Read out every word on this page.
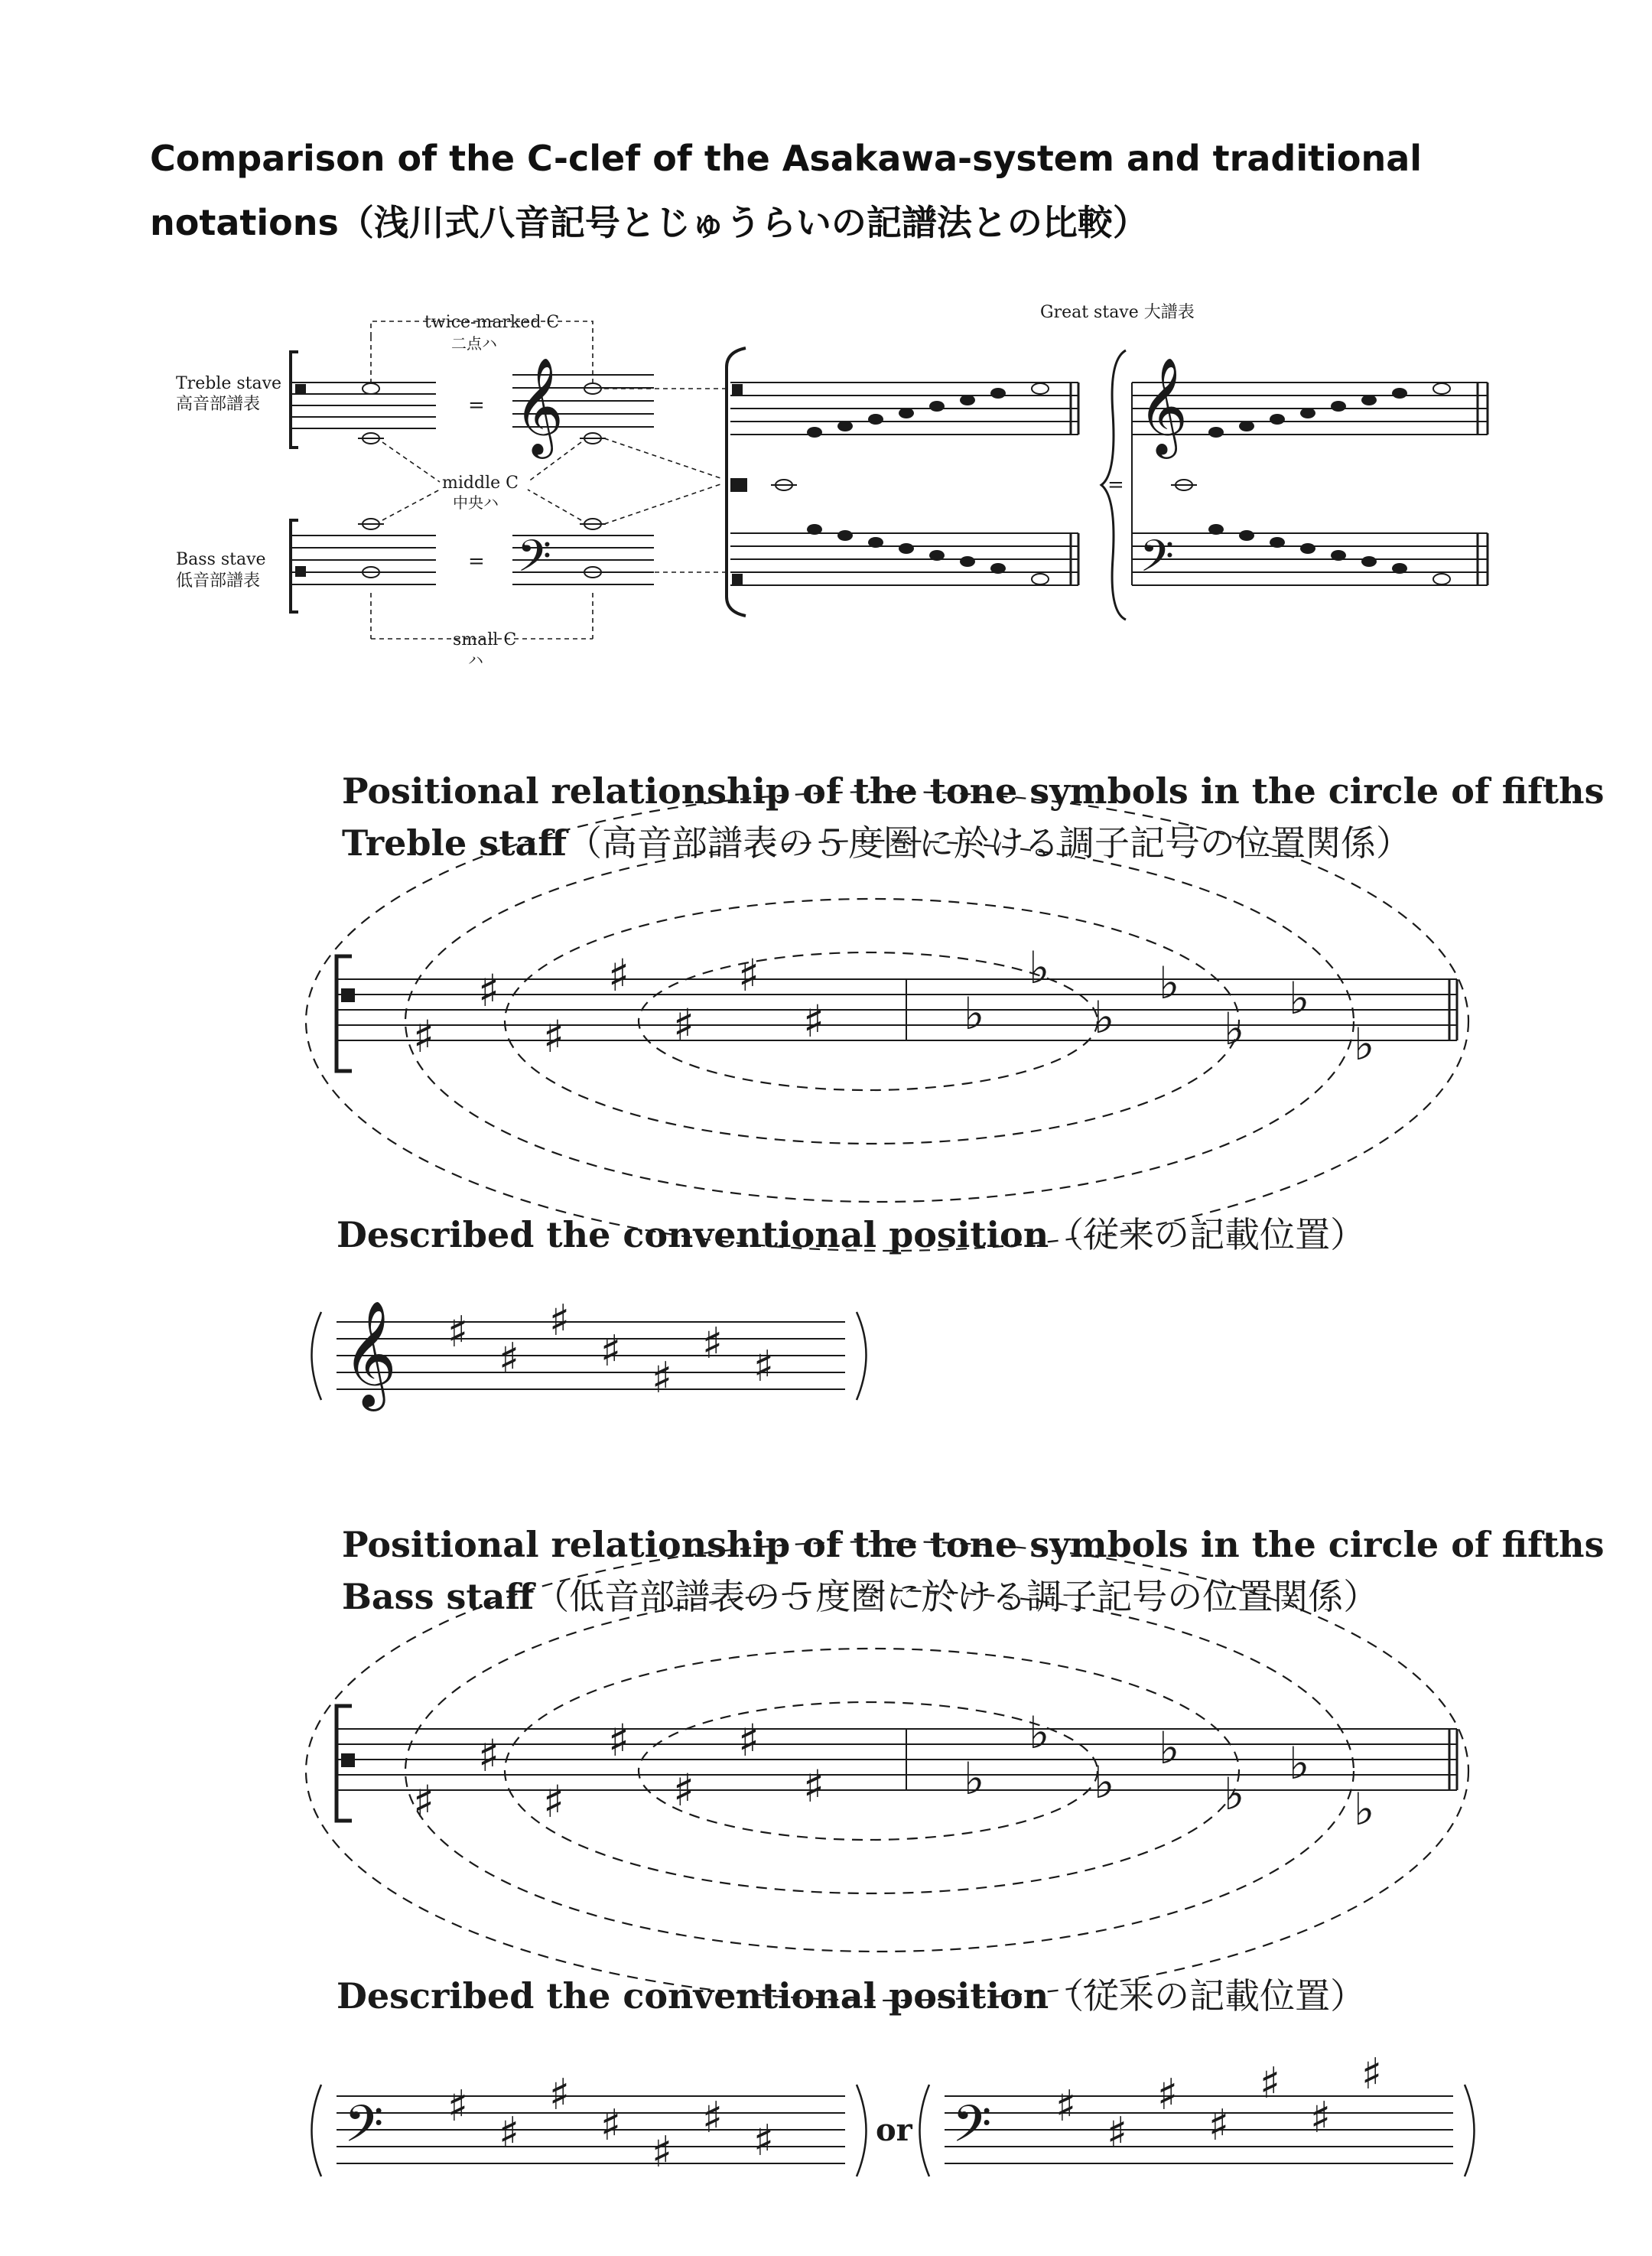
Comparison of the C-clef of the Asakawa-system and traditional
notations（浅川式八音記号とじゅうらいの記譜法との比較）
𝄞
𝄢
𝄞
𝄢
Treble stave
高音部譜表
Bass stave
低音部譜表
twice-marked C
二点ハ
middle C
中央ハ
small C
ハ
Great stave 大譜表
=
=
=
Positional relationship of the tone symbols in the circle of fifths
Treble staff（高音部譜表の５度圏に於ける調子記号の位置関係）
♯
♯
♯
♯
♯
♯
♯	♭
♭
♭
♭
♭
♭
♭
Described the conventional position（従来の記載位置）
𝄞 ♯
♯
♯
♯
♯
♯ ♯
Positional relationship of the tone symbols in the circle of fifths
Bass staff（低音部譜表の５度圏に於ける調子記号の位置関係）
♯
♯
♯
♯
♯
♯
♯	♭
♭
♭
♭
♭
♭
♭
Described the conventional position（従来の記載位置）
𝄢	𝄢
or
♯
♯
♯
♯
♯
♯ ♯
♯
♯
♯
♯
♯
♯
♯
